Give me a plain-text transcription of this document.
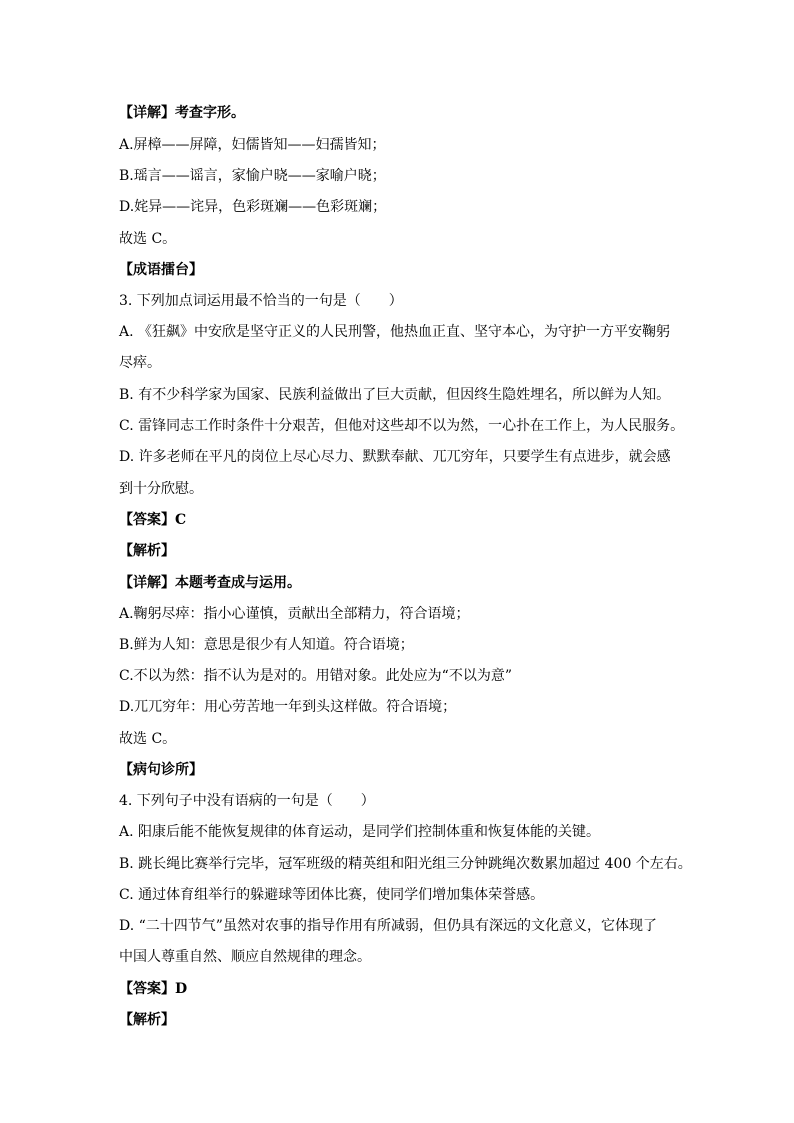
【详解】考查字形。
A.屏樟——屏障，妇儒皆知——妇孺皆知；
B.瑶言——谣言，家愉户晓——家喻户晓；
D.姹异——诧异，色彩斑斓——色彩斑斓；
故选 C。
【成语擂台】
3. 下列加点词运用最不恰当的一句是（　　）
A. 《狂飙》中安欣是坚守正义的人民刑警，他热血正直、坚守本心，为守护一方平安鞠躬
尽瘁。
B. 有不少科学家为国家、民族利益做出了巨大贡献，但因终生隐姓埋名，所以鲜为人知。
C. 雷锋同志工作时条件十分艰苦，但他对这些却不以为然，一心扑在工作上，为人民服务。
D. 许多老师在平凡的岗位上尽心尽力、默默奉献、兀兀穷年，只要学生有点进步，就会感
到十分欣慰。
【答案】C
【解析】
【详解】本题考查成与运用。
A.鞠躬尽瘁：指小心谨慎，贡献出全部精力，符合语境；
B.鲜为人知：意思是很少有人知道。符合语境；
C.不以为然：指不认为是对的。用错对象。此处应为“不以为意”
D.兀兀穷年：用心劳苦地一年到头这样做。符合语境；
故选 C。
【病句诊所】
4. 下列句子中没有语病的一句是（　　）
A. 阳康后能不能恢复规律的体育运动，是同学们控制体重和恢复体能的关键。
B. 跳长绳比赛举行完毕，冠军班级的精英组和阳光组三分钟跳绳次数累加超过 400 个左右。
C. 通过体育组举行的躲避球等团体比赛，使同学们增加集体荣誉感。
D. “二十四节气”虽然对农事的指导作用有所减弱，但仍具有深远的文化意义，它体现了
中国人尊重自然、顺应自然规律的理念。
【答案】D
【解析】
